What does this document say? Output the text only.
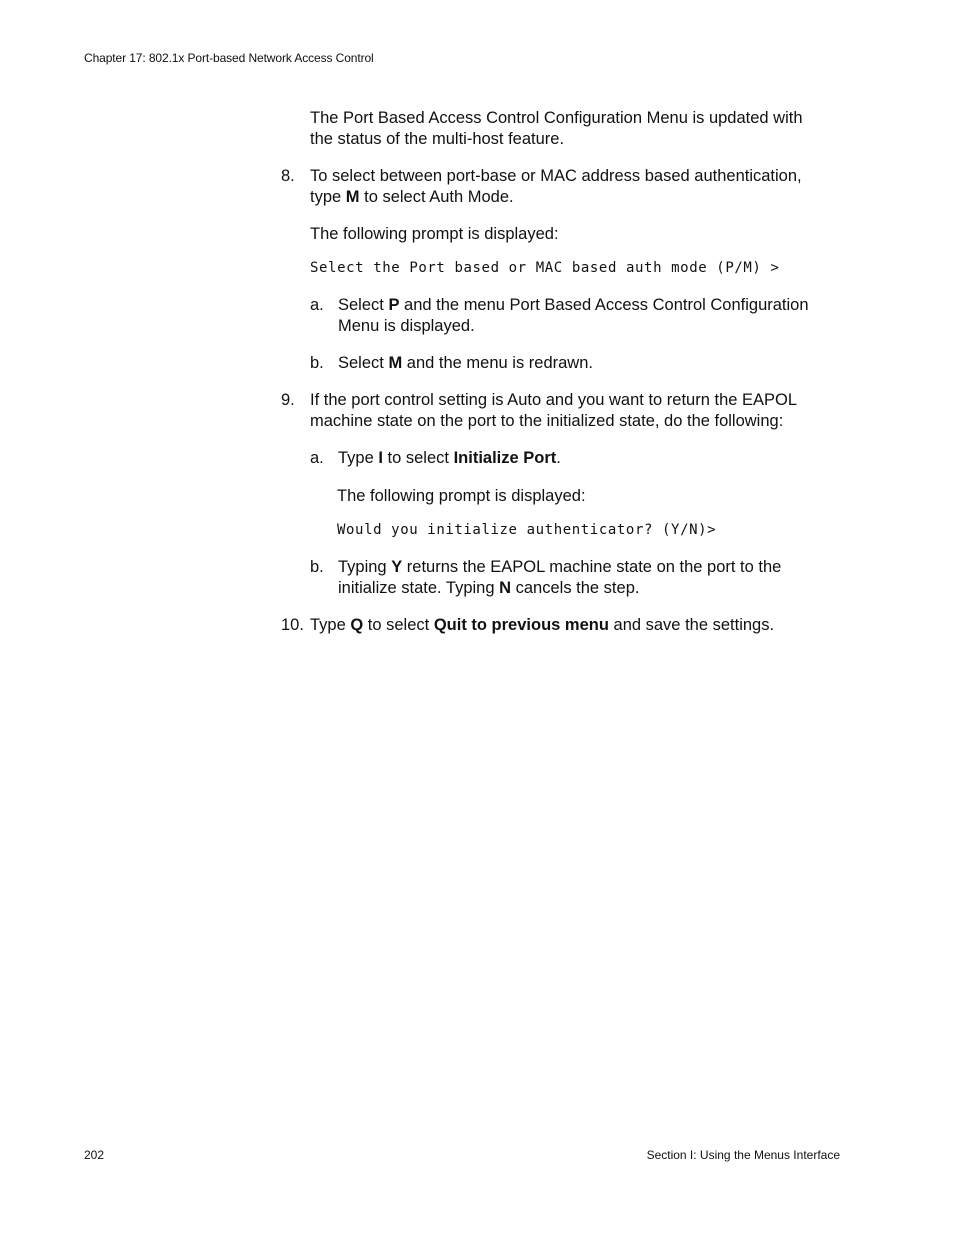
Chapter 17: 802.1x Port-based Network Access Control
The Port Based Access Control Configuration Menu is updated with
the status of the multi-host feature.
8. To select between port-base or MAC address based authentication,
type M to select Auth Mode.
The following prompt is displayed:
Select the Port based or MAC based auth mode (P/M) >
a. Select P and the menu Port Based Access Control Configuration
Menu is displayed.
b. Select M and the menu is redrawn.
9. If the port control setting is Auto and you want to return the EAPOL
machine state on the port to the initialized state, do the following:
a. Type I to select Initialize Port.
The following prompt is displayed:
Would you initialize authenticator? (Y/N)>
b. Typing Y returns the EAPOL machine state on the port to the
initialize state. Typing N cancels the step.
10. Type Q to select Quit to previous menu and save the settings.
202	Section I: Using the Menus Interface
